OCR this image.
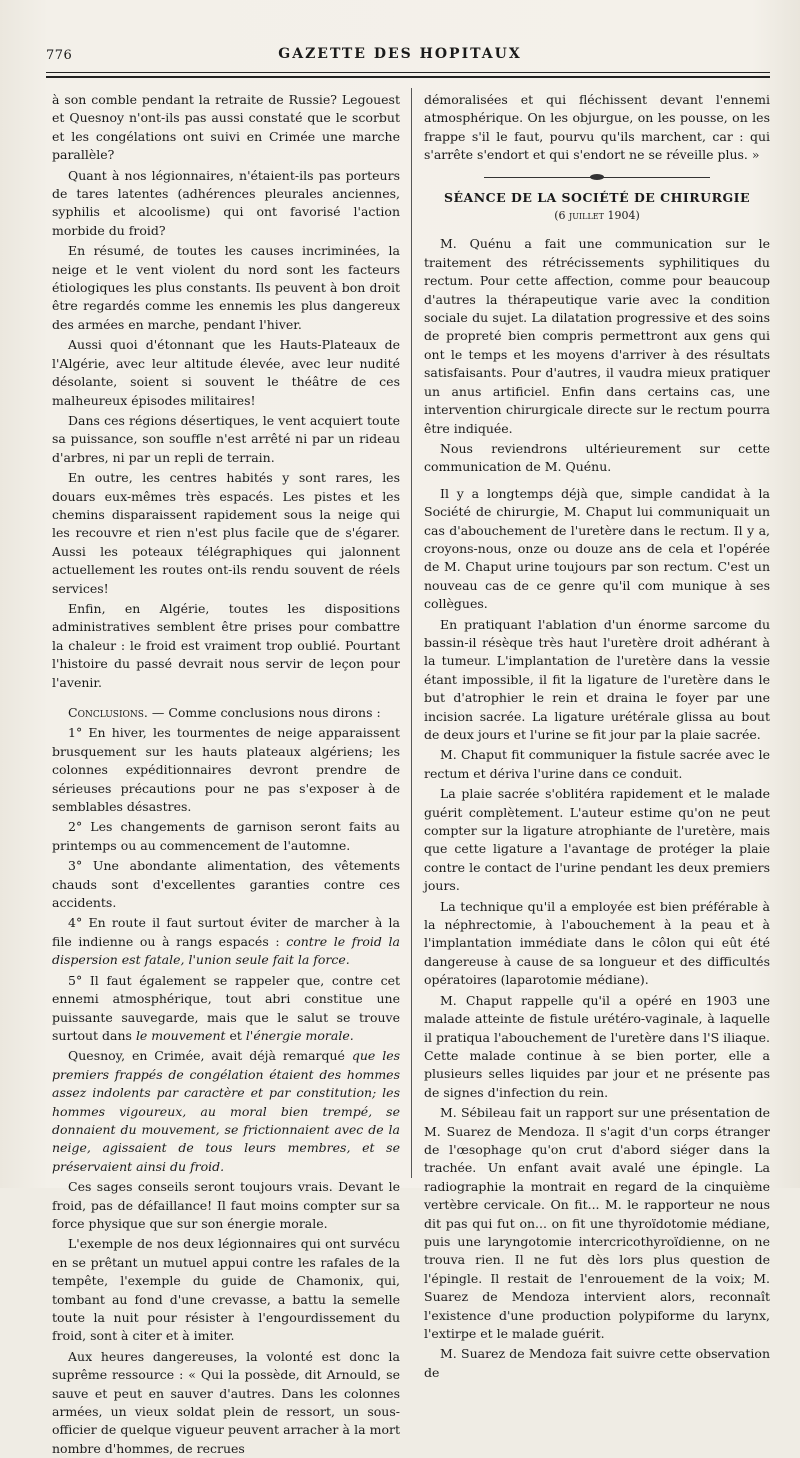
776	GAZETTE DES HOPITAUX

à son comble pendant la retraite de Russie? Legouest et Quesnoy n'ont-ils pas aussi constaté que le scorbut et les congélations ont suivi en Crimée une marche parallèle?

Quant à nos légionnaires, n'étaient-ils pas porteurs de tares latentes (adhérences pleurales anciennes, syphilis et alcoolisme) qui ont favorisé l'action morbide du froid?

En résumé, de toutes les causes incriminées, la neige et le vent violent du nord sont les facteurs étiologiques les plus constants. Ils peuvent à bon droit être regardés comme les ennemis les plus dangereux des armées en marche, pendant l'hiver.

Aussi quoi d'étonnant que les Hauts-Plateaux de l'Algérie, avec leur altitude élevée, avec leur nudité désolante, soient si souvent le théâtre de ces malheureux épisodes militaires!

Dans ces régions désertiques, le vent acquiert toute sa puissance, son souffle n'est arrêté ni par un rideau d'arbres, ni par un repli de terrain.

En outre, les centres habités y sont rares, les douars eux-mêmes très espacés. Les pistes et les chemins disparaissent rapidement sous la neige qui les recouvre et rien n'est plus facile que de s'égarer. Aussi les poteaux télégraphiques qui jalonnent actuellement les routes ont-ils rendu souvent de réels services!

Enfin, en Algérie, toutes les dispositions administratives semblent être prises pour combattre la chaleur : le froid est vraiment trop oublié. Pourtant l'histoire du passé devrait nous servir de leçon pour l'avenir.

Conclusions. — Comme conclusions nous dirons :

1° En hiver, les tourmentes de neige apparaissent brusquement sur les hauts plateaux algériens; les colonnes expéditionnaires devront prendre de sérieuses précautions pour ne pas s'exposer à de semblables désastres.

2° Les changements de garnison seront faits au printemps ou au commencement de l'automne.

3° Une abondante alimentation, des vêtements chauds sont d'excellentes garanties contre ces accidents.

4° En route il faut surtout éviter de marcher à la file indienne ou à rangs espacés : contre le froid la dispersion est fatale, l'union seule fait la force.

5° Il faut également se rappeler que, contre cet ennemi atmosphérique, tout abri constitue une puissante sauvegarde, mais que le salut se trouve surtout dans le mouvement et l'énergie morale.

Quesnoy, en Crimée, avait déjà remarqué que les premiers frappés de congélation étaient des hommes assez indolents par caractère et par constitution; les hommes vigoureux, au moral bien trempé, se donnaient du mouvement, se frictionnaient avec de la neige, agissaient de tous leurs membres, et se préservaient ainsi du froid.

Ces sages conseils seront toujours vrais. Devant le froid, pas de défaillance! Il faut moins compter sur sa force physique que sur son énergie morale.

L'exemple de nos deux légionnaires qui ont survécu en se prêtant un mutuel appui contre les rafales de la tempête, l'exemple du guide de Chamonix, qui, tombant au fond d'une crevasse, a battu la semelle toute la nuit pour résister à l'engourdissement du froid, sont à citer et à imiter.

Aux heures dangereuses, la volonté est donc la suprême ressource : « Qui la possède, dit Arnould, se sauve et peut en sauver d'autres. Dans les colonnes armées, un vieux soldat plein de ressort, un sous-officier de quelque vigueur peuvent arracher à la mort nombre d'hommes, de recrues

démoralisées et qui fléchissent devant l'ennemi atmosphérique. On les objurgue, on les pousse, on les frappe s'il le faut, pourvu qu'ils marchent, car : qui s'arrête s'endort et qui s'endort ne se réveille plus. »

SÉANCE DE LA SOCIÉTÉ DE CHIRURGIE
(6 juillet 1904)

M. Quénu a fait une communication sur le traitement des rétrécissements syphilitiques du rectum. Pour cette affection, comme pour beaucoup d'autres la thérapeutique varie avec la condition sociale du sujet. La dilatation progressive et des soins de propreté bien compris permettront aux gens qui ont le temps et les moyens d'arriver à des résultats satisfaisants. Pour d'autres, il vaudra mieux pratiquer un anus artificiel. Enfin dans certains cas, une intervention chirurgicale directe sur le rectum pourra être indiquée.

Nous reviendrons ultérieurement sur cette communication de M. Quénu.

Il y a longtemps déjà que, simple candidat à la Société de chirurgie, M. Chaput lui communiquait un cas d'abouchement de l'uretère dans le rectum. Il y a, croyons-nous, onze ou douze ans de cela et l'opérée de M. Chaput urine toujours par son rectum. C'est un nouveau cas de ce genre qu'il com munique à ses collègues.

En pratiquant l'ablation d'un énorme sarcome du bassin-il résèque très haut l'uretère droit adhérant à la tumeur. L'implantation de l'uretère dans la vessie étant impossible, il fit la ligature de l'uretère dans le but d'atrophier le rein et draina le foyer par une incision sacrée. La ligature urétérale glissa au bout de deux jours et l'urine se fit jour par la plaie sacrée.

M. Chaput fit communiquer la fistule sacrée avec le rectum et dériva l'urine dans ce conduit.

La plaie sacrée s'oblitéra rapidement et le malade guérit complètement. L'auteur estime qu'on ne peut compter sur la ligature atrophiante de l'uretère, mais que cette ligature a l'avantage de protéger la plaie contre le contact de l'urine pendant les deux premiers jours.

La technique qu'il a employée est bien préférable à la néphrectomie, à l'abouchement à la peau et à l'implantation immédiate dans le côlon qui eût été dangereuse à cause de sa longueur et des difficultés opératoires (laparotomie médiane).

M. Chaput rappelle qu'il a opéré en 1903 une malade atteinte de fistule urétéro-vaginale, à laquelle il pratiqua l'abouchement de l'uretère dans l'S iliaque. Cette malade continue à se bien porter, elle a plusieurs selles liquides par jour et ne présente pas de signes d'infection du rein.

M. Sébileau fait un rapport sur une présentation de M. Suarez de Mendoza. Il s'agit d'un corps étranger de l'œsophage qu'on crut d'abord siéger dans la trachée. Un enfant avait avalé une épingle. La radiographie la montrait en regard de la cinquième vertèbre cervicale. On fit... M. le rapporteur ne nous dit pas qui fut on... on fit une thyroïdotomie médiane, puis une laryngotomie intercricothyroïdienne, on ne trouva rien. Il ne fut dès lors plus question de l'épingle. Il restait de l'enrouement de la voix; M. Suarez de Mendoza intervient alors, reconnaît l'existence d'une production polypiforme du larynx, l'extirpe et le malade guérit.

M. Suarez de Mendoza fait suivre cette observation de
